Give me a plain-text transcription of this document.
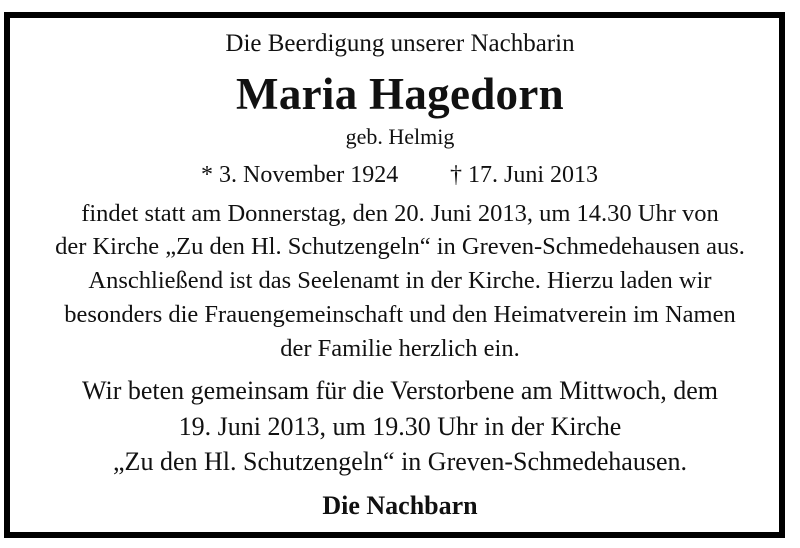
Die Beerdigung unserer Nachbarin
Maria Hagedorn
geb. Helmig
* 3. November 1924 † 17. Juni 2013
findet statt am Donnerstag, den 20. Juni 2013, um 14.30 Uhr von
der Kirche „Zu den Hl. Schutzengeln“ in Greven-Schmedehausen aus.
Anschließend ist das Seelenamt in der Kirche. Hierzu laden wir
besonders die Frauengemeinschaft und den Heimatverein im Namen
der Familie herzlich ein.
Wir beten gemeinsam für die Verstorbene am Mittwoch, dem
19. Juni 2013, um 19.30 Uhr in der Kirche
„Zu den Hl. Schutzengeln“ in Greven-Schmedehausen.
Die Nachbarn
